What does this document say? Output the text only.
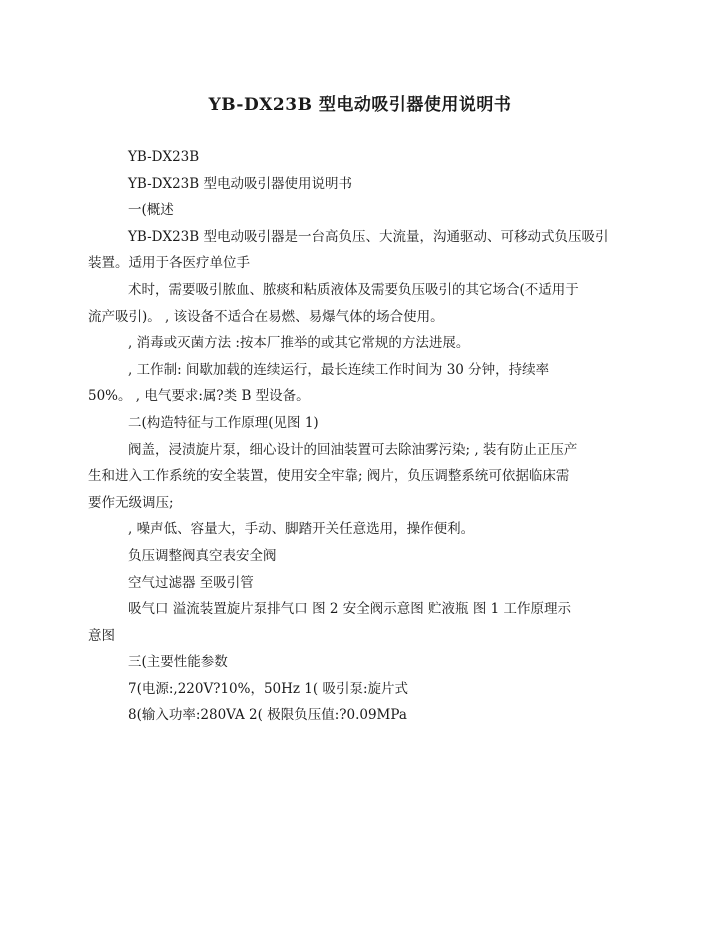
YB-DX23B 型电动吸引器使用说明书
YB-DX23B
YB-DX23B 型电动吸引器使用说明书
一(概述
YB-DX23B 型电动吸引器是一台高负压、大流量，沟通驱动、可移动式负压吸引
装置。适用于各医疗单位手
术时，需要吸引脓血、脓痰和粘质液体及需要负压吸引的其它场合(不适用于
流产吸引)。 , 该设备不适合在易燃、易爆气体的场合使用。
, 消毒或灭菌方法 :按本厂推举的或其它常规的方法进展。
, 工作制: 间歇加载的连续运行，最长连续工作时间为 30 分钟，持续率
50%。 , 电气要求:属?类 B 型设备。
二(构造特征与工作原理(见图 1)
阀盖，浸渍旋片泵，细心设计的回油装置可去除油雾污染; , 装有防止正压产
生和进入工作系统的安全装置，使用安全牢靠; 阀片，负压调整系统可依据临床需
要作无级调压;
, 噪声低、容量大，手动、脚踏开关任意选用，操作便利。
负压调整阀真空表安全阀
空气过滤器 至吸引管
吸气口 溢流装置旋片泵排气口 图 2 安全阀示意图 贮液瓶 图 1 工作原理示
意图
三(主要性能参数
7(电源:,220V?10%，50Hz 1( 吸引泵:旋片式
8(输入功率:280VA 2( 极限负压值:?0.09MPa
